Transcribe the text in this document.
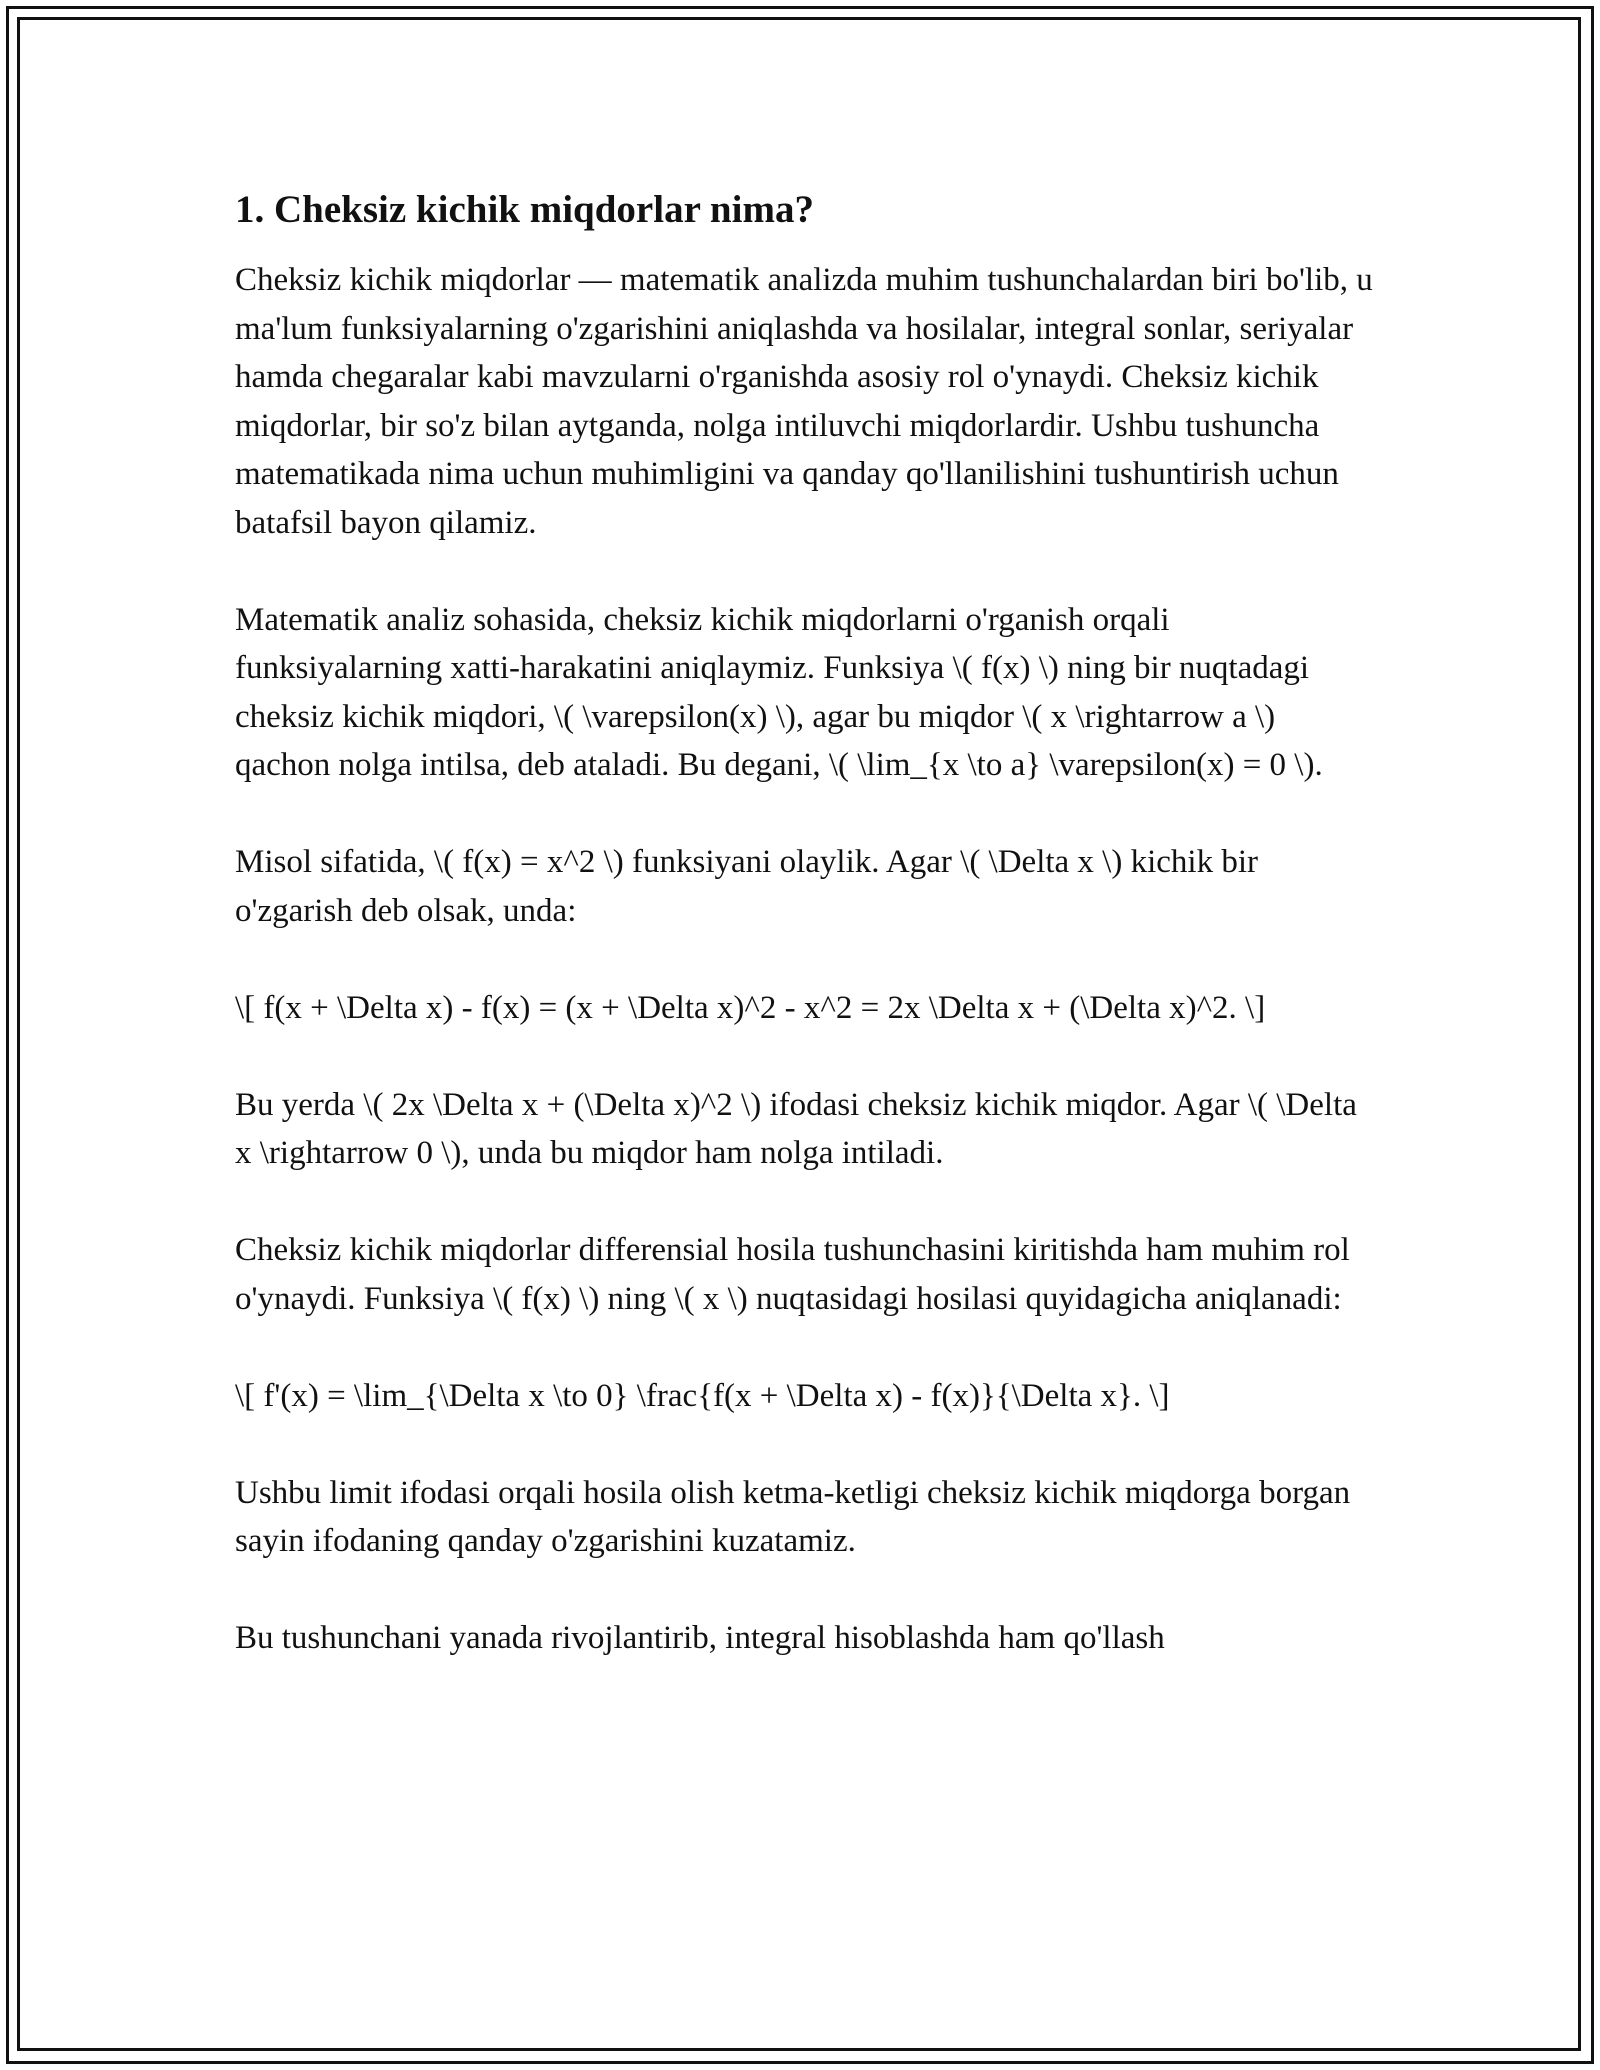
1. Cheksiz kichik miqdorlar nima?

Cheksiz kichik miqdorlar — matematik analizda muhim tushunchalardan biri bo'lib, u ma'lum funksiyalarning o'zgarishini aniqlashda va hosilalar, integral sonlar, seriyalar hamda chegaralar kabi mavzularni o'rganishda asosiy rol o'ynaydi. Cheksiz kichik miqdorlar, bir so'z bilan aytganda, nolga intiluvchi miqdorlardir. Ushbu tushuncha matematikada nima uchun muhimligini va qanday qo'llanilishini tushuntirish uchun batafsil bayon qilamiz.

Matematik analiz sohasida, cheksiz kichik miqdorlarni o'rganish orqali funksiyalarning xatti-harakatini aniqlaymiz. Funksiya \( f(x) \) ning bir nuqtadagi cheksiz kichik miqdori, \( \varepsilon(x) \), agar bu miqdor \( x \rightarrow a \) qachon nolga intilsa, deb ataladi. Bu degani, \( \lim_{x \to a} \varepsilon(x) = 0 \).

Misol sifatida, \( f(x) = x^2 \) funksiyani olaylik. Agar \( \Delta x \) kichik bir o'zgarish deb olsak, unda:

\[ f(x + \Delta x) - f(x) = (x + \Delta x)^2 - x^2 = 2x \Delta x + (\Delta x)^2. \]

Bu yerda \( 2x \Delta x + (\Delta x)^2 \) ifodasi cheksiz kichik miqdor. Agar \( \Delta x \rightarrow 0 \), unda bu miqdor ham nolga intiladi.

Cheksiz kichik miqdorlar differensial hosila tushunchasini kiritishda ham muhim rol o'ynaydi. Funksiya \( f(x) \) ning \( x \) nuqtasidagi hosilasi quyidagicha aniqlanadi:

\[ f'(x) = \lim_{\Delta x \to 0} \frac{f(x + \Delta x) - f(x)}{\Delta x}. \]

Ushbu limit ifodasi orqali hosila olish ketma-ketligi cheksiz kichik miqdorga borgan sayin ifodaning qanday o'zgarishini kuzatamiz.

Bu tushunchani yanada rivojlantirib, integral hisoblashda ham qo'llash
